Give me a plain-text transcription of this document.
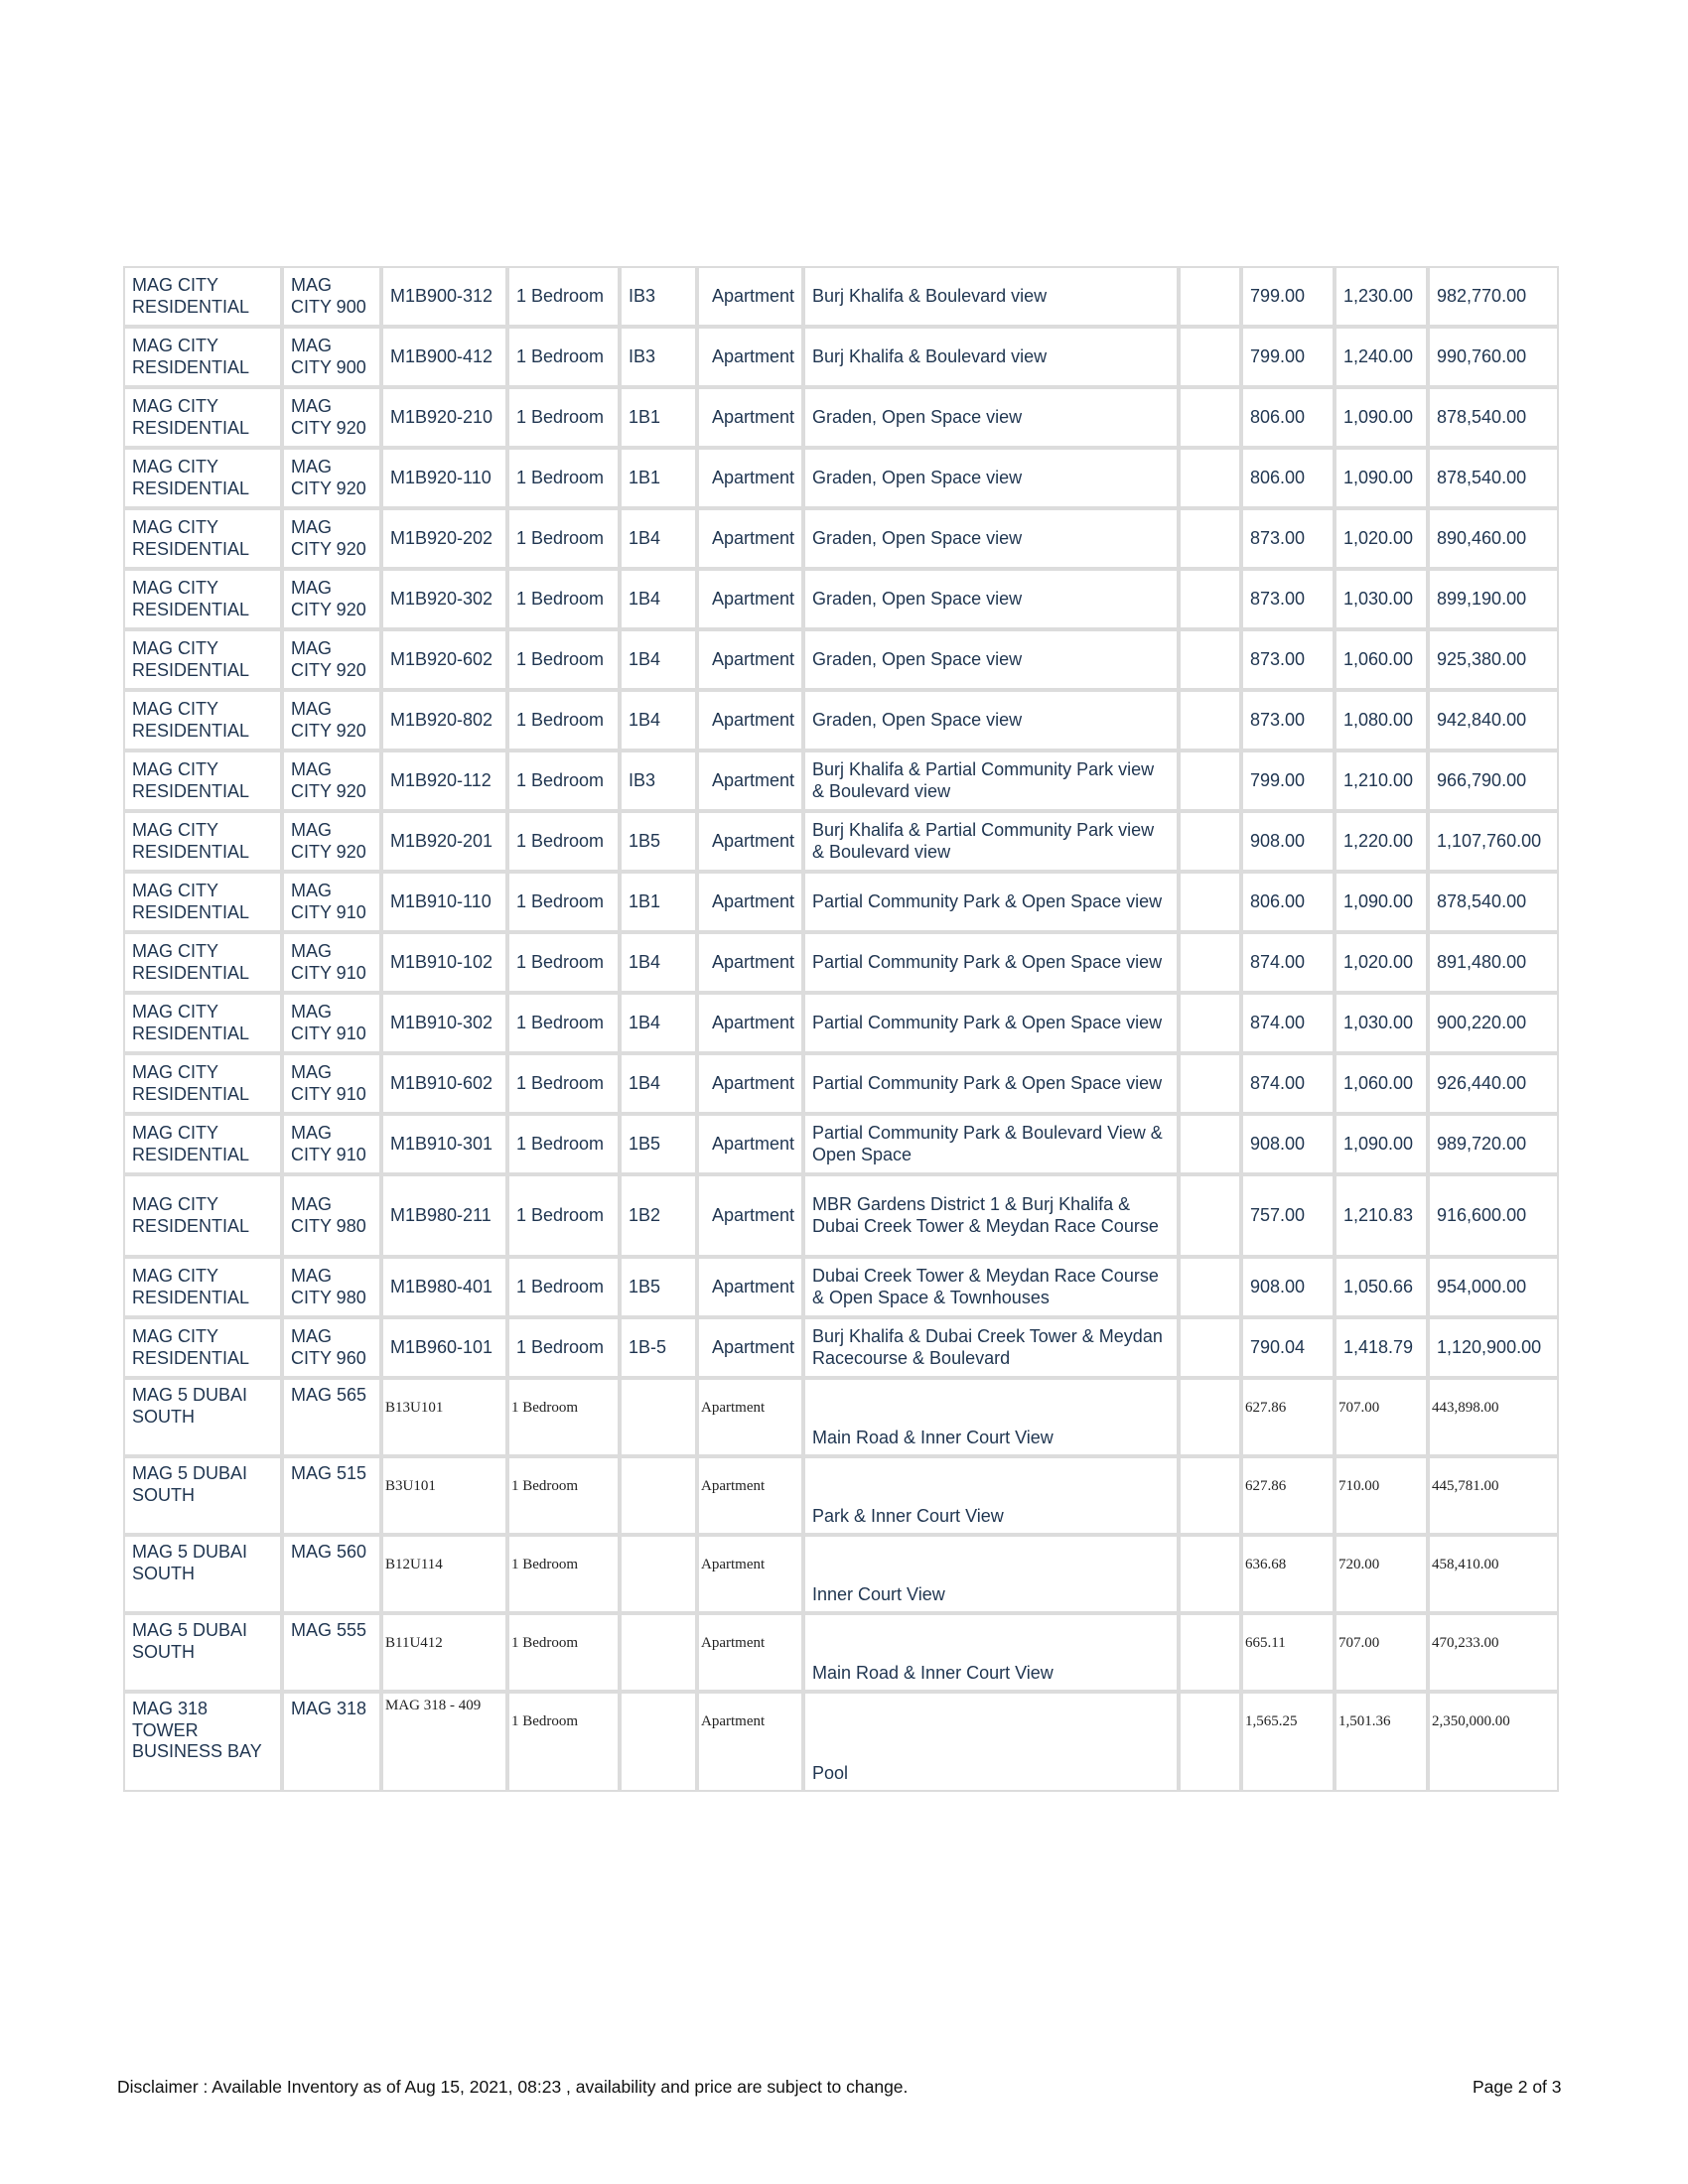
MAG CITY RESIDENTIAL	MAG CITY 900	M1B900-312	1 Bedroom	IB3	Apartment	Burj Khalifa & Boulevard view		799.00	1,230.00	982,770.00
MAG CITY RESIDENTIAL	MAG CITY 900	M1B900-412	1 Bedroom	IB3	Apartment	Burj Khalifa & Boulevard view		799.00	1,240.00	990,760.00
MAG CITY RESIDENTIAL	MAG CITY 920	M1B920-210	1 Bedroom	1B1	Apartment	Graden, Open Space view		806.00	1,090.00	878,540.00
MAG CITY RESIDENTIAL	MAG CITY 920	M1B920-110	1 Bedroom	1B1	Apartment	Graden, Open Space view		806.00	1,090.00	878,540.00
MAG CITY RESIDENTIAL	MAG CITY 920	M1B920-202	1 Bedroom	1B4	Apartment	Graden, Open Space view		873.00	1,020.00	890,460.00
MAG CITY RESIDENTIAL	MAG CITY 920	M1B920-302	1 Bedroom	1B4	Apartment	Graden, Open Space view		873.00	1,030.00	899,190.00
MAG CITY RESIDENTIAL	MAG CITY 920	M1B920-602	1 Bedroom	1B4	Apartment	Graden, Open Space view		873.00	1,060.00	925,380.00
MAG CITY RESIDENTIAL	MAG CITY 920	M1B920-802	1 Bedroom	1B4	Apartment	Graden, Open Space view		873.00	1,080.00	942,840.00
MAG CITY RESIDENTIAL	MAG CITY 920	M1B920-112	1 Bedroom	IB3	Apartment	Burj Khalifa & Partial Community Park view & Boulevard view		799.00	1,210.00	966,790.00
MAG CITY RESIDENTIAL	MAG CITY 920	M1B920-201	1 Bedroom	1B5	Apartment	Burj Khalifa & Partial Community Park view & Boulevard view		908.00	1,220.00	1,107,760.00
MAG CITY RESIDENTIAL	MAG CITY 910	M1B910-110	1 Bedroom	1B1	Apartment	Partial Community Park & Open Space view		806.00	1,090.00	878,540.00
MAG CITY RESIDENTIAL	MAG CITY 910	M1B910-102	1 Bedroom	1B4	Apartment	Partial Community Park & Open Space view		874.00	1,020.00	891,480.00
MAG CITY RESIDENTIAL	MAG CITY 910	M1B910-302	1 Bedroom	1B4	Apartment	Partial Community Park & Open Space view		874.00	1,030.00	900,220.00
MAG CITY RESIDENTIAL	MAG CITY 910	M1B910-602	1 Bedroom	1B4	Apartment	Partial Community Park & Open Space view		874.00	1,060.00	926,440.00
MAG CITY RESIDENTIAL	MAG CITY 910	M1B910-301	1 Bedroom	1B5	Apartment	Partial Community Park & Boulevard View & Open Space		908.00	1,090.00	989,720.00
MAG CITY RESIDENTIAL	MAG CITY 980	M1B980-211	1 Bedroom	1B2	Apartment	MBR Gardens District 1 & Burj Khalifa & Dubai Creek Tower & Meydan Race Course		757.00	1,210.83	916,600.00
MAG CITY RESIDENTIAL	MAG CITY 980	M1B980-401	1 Bedroom	1B5	Apartment	Dubai Creek Tower & Meydan Race Course & Open Space & Townhouses		908.00	1,050.66	954,000.00
MAG CITY RESIDENTIAL	MAG CITY 960	M1B960-101	1 Bedroom	1B-5	Apartment	Burj Khalifa & Dubai Creek Tower & Meydan Racecourse & Boulevard		790.04	1,418.79	1,120,900.00
MAG 5 DUBAI SOUTH	MAG 565	B13U101	1 Bedroom		Apartment	Main Road & Inner Court View		627.86	707.00	443,898.00
MAG 5 DUBAI SOUTH	MAG 515	B3U101	1 Bedroom		Apartment	Park & Inner Court View		627.86	710.00	445,781.00
MAG 5 DUBAI SOUTH	MAG 560	B12U114	1 Bedroom		Apartment	Inner Court View		636.68	720.00	458,410.00
MAG 5 DUBAI SOUTH	MAG 555	B11U412	1 Bedroom		Apartment	Main Road & Inner Court View		665.11	707.00	470,233.00
MAG 318 TOWER BUSINESS BAY	MAG 318	MAG 318 - 409	1 Bedroom		Apartment	Pool		1,565.25	1,501.36	2,350,000.00
Disclaimer : Available Inventory as of Aug 15, 2021, 08:23 , availability and price are subject to change.	Page 2 of 3
